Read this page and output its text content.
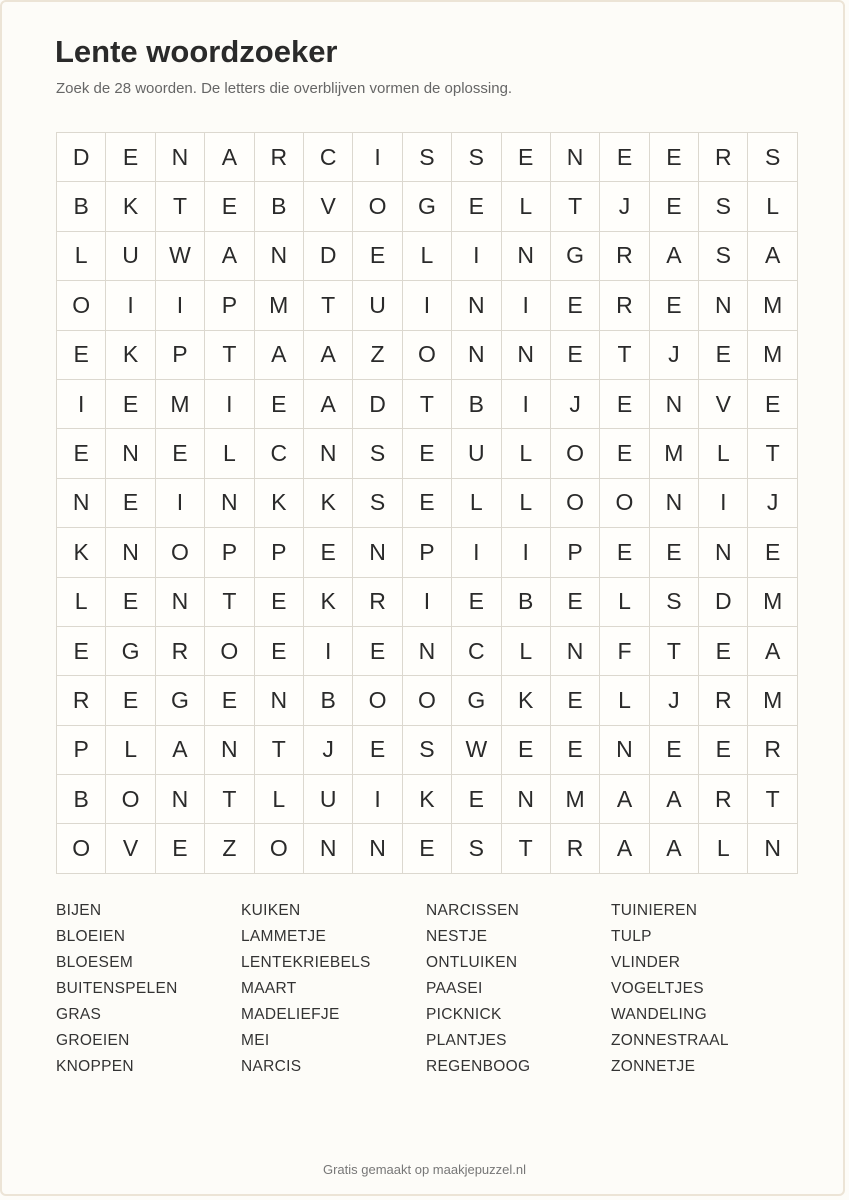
Lente woordzoeker

Zoek de 28 woorden. De letters die overblijven vormen de oplossing.

D	E	N	A	R	C	I	S	S	E	N	E	E	R	S
B	K	T	E	B	V	O	G	E	L	T	J	E	S	L
L	U	W	A	N	D	E	L	I	N	G	R	A	S	A
O	I	I	P	M	T	U	I	N	I	E	R	E	N	M
E	K	P	T	A	A	Z	O	N	N	E	T	J	E	M
I	E	M	I	E	A	D	T	B	I	J	E	N	V	E
E	N	E	L	C	N	S	E	U	L	O	E	M	L	T
N	E	I	N	K	K	S	E	L	L	O	O	N	I	J
K	N	O	P	P	E	N	P	I	I	P	E	E	N	E
L	E	N	T	E	K	R	I	E	B	E	L	S	D	M
E	G	R	O	E	I	E	N	C	L	N	F	T	E	A
R	E	G	E	N	B	O	O	G	K	E	L	J	R	M
P	L	A	N	T	J	E	S	W	E	E	N	E	E	R
B	O	N	T	L	U	I	K	E	N	M	A	A	R	T
O	V	E	Z	O	N	N	E	S	T	R	A	A	L	N
BIJEN
BLOEIEN
BLOESEM
BUITENSPELEN
GRAS
GROEIEN
KNOPPEN
KUIKEN
LAMMETJE
LENTEKRIEBELS
MAART
MADELIEFJE
MEI
NARCIS
NARCISSEN
NESTJE
ONTLUIKEN
PAASEI
PICKNICK
PLANTJES
REGENBOOG
TUINIEREN
TULP
VLINDER
VOGELTJES
WANDELING
ZONNESTRAAL
ZONNETJE
Gratis gemaakt op maakjepuzzel.nl
